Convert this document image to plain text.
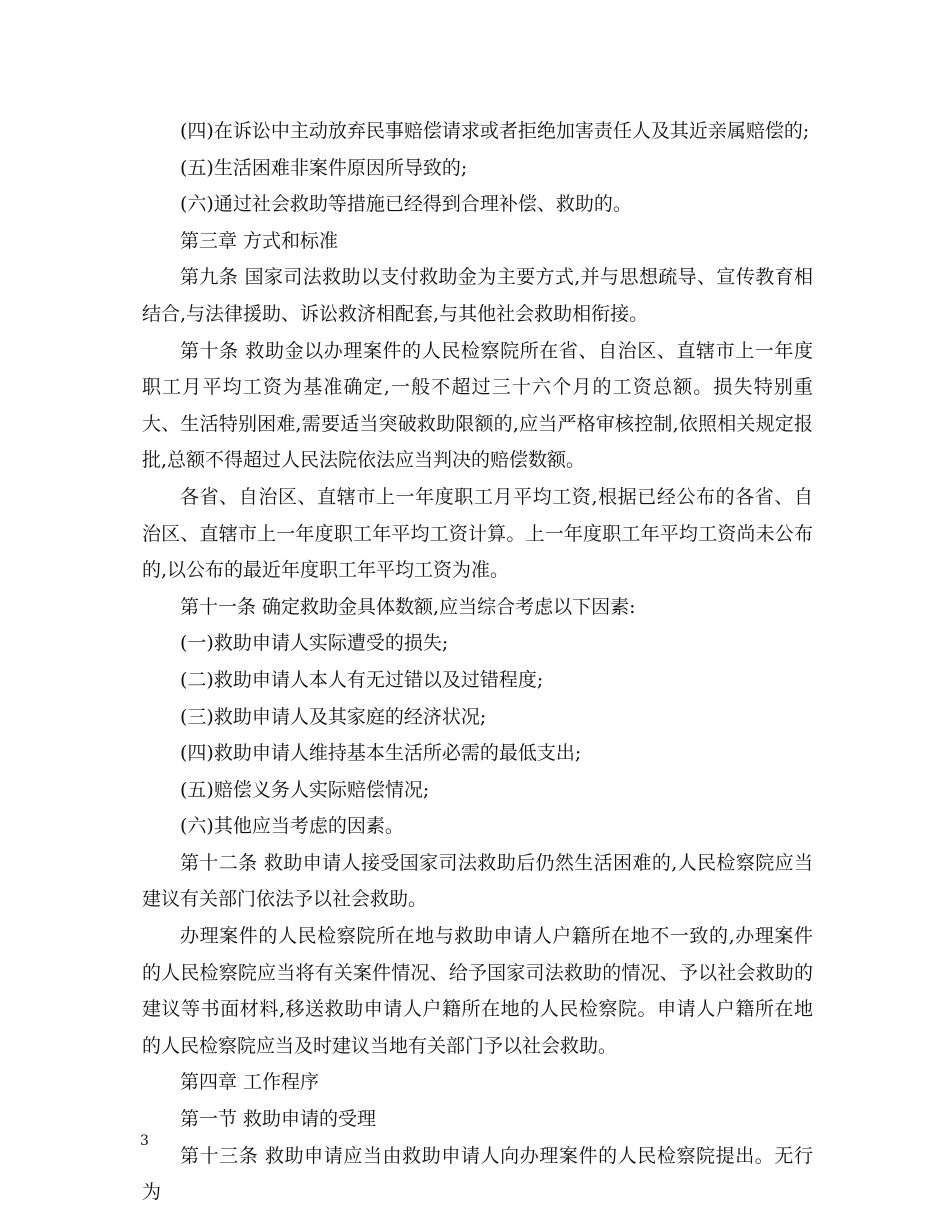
(四)在诉讼中主动放弃民事赔偿请求或者拒绝加害责任人及其近亲属赔偿的;

(五)生活困难非案件原因所导致的;

(六)通过社会救助等措施已经得到合理补偿、救助的。

第三章 方式和标准

第九条 国家司法救助以支付救助金为主要方式,并与思想疏导、宣传教育相结合,与法律援助、诉讼救济相配套,与其他社会救助相衔接。

第十条 救助金以办理案件的人民检察院所在省、自治区、直辖市上一年度职工月平均工资为基准确定,一般不超过三十六个月的工资总额。损失特别重大、生活特别困难,需要适当突破救助限额的,应当严格审核控制,依照相关规定报批,总额不得超过人民法院依法应当判决的赔偿数额。

各省、自治区、直辖市上一年度职工月平均工资,根据已经公布的各省、自治区、直辖市上一年度职工年平均工资计算。上一年度职工年平均工资尚未公布的,以公布的最近年度职工年平均工资为准。

第十一条 确定救助金具体数额,应当综合考虑以下因素:

(一)救助申请人实际遭受的损失;

(二)救助申请人本人有无过错以及过错程度;

(三)救助申请人及其家庭的经济状况;

(四)救助申请人维持基本生活所必需的最低支出;

(五)赔偿义务人实际赔偿情况;

(六)其他应当考虑的因素。

第十二条 救助申请人接受国家司法救助后仍然生活困难的,人民检察院应当建议有关部门依法予以社会救助。

办理案件的人民检察院所在地与救助申请人户籍所在地不一致的,办理案件的人民检察院应当将有关案件情况、给予国家司法救助的情况、予以社会救助的建议等书面材料,移送救助申请人户籍所在地的人民检察院。申请人户籍所在地的人民检察院应当及时建议当地有关部门予以社会救助。

第四章 工作程序

第一节 救助申请的受理

第十三条 救助申请应当由救助申请人向办理案件的人民检察院提出。无行为

3
